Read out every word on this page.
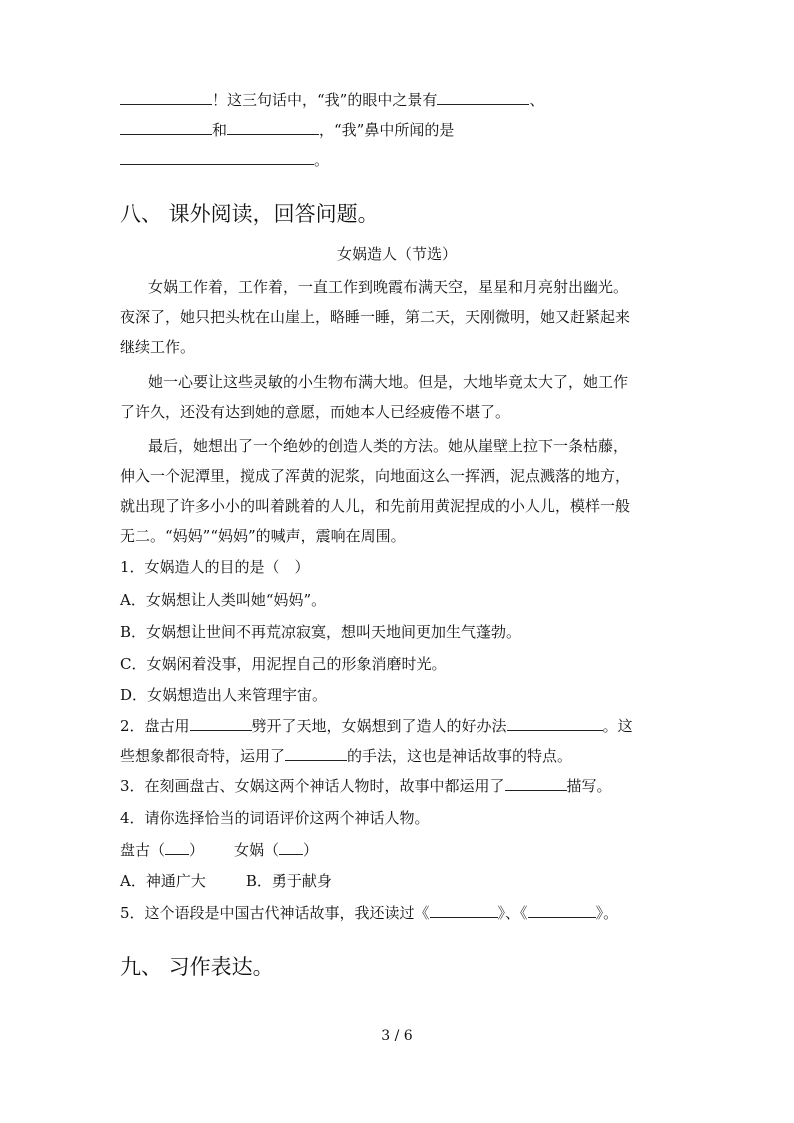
！这三句话中，“我”的眼中之景有	、
和	，“我”鼻中所闻的是
。
八、 课外阅读，回答问题。
女娲造人（节选）
女娲工作着，工作着，一直工作到晚霞布满天空，星星和月亮射出幽光。
夜深了，她只把头枕在山崖上，略睡一睡，第二天，天刚微明，她又赶紧起来
继续工作。
她一心要让这些灵敏的小生物布满大地。但是，大地毕竟太大了，她工作
了许久，还没有达到她的意愿，而她本人已经疲倦不堪了。
最后，她想出了一个绝妙的创造人类的方法。她从崖壁上拉下一条枯藤，
伸入一个泥潭里，搅成了浑黄的泥浆，向地面这么一挥洒，泥点溅落的地方，
就出现了许多小小的叫着跳着的人儿，和先前用黄泥捏成的小人儿，模样一般
无二。“妈妈”“妈妈”的喊声，震响在周围。
1．女娲造人的目的是（　）
A．女娲想让人类叫她“妈妈”。
B．女娲想让世间不再荒凉寂寞，想叫天地间更加生气蓬勃。
C．女娲闲着没事，用泥捏自己的形象消磨时光。
D．女娲想造出人来管理宇宙。
2．盘古用	劈开了天地，女娲想到了造人的好办法	。这
些想象都很奇特，运用了	的手法，这也是神话故事的特点。
3．在刻画盘古、女娲这两个神话人物时，故事中都运用了	描写。
4．请你选择恰当的词语评价这两个神话人物。
盘古（ ） 女娲（ ）
A．神通广大	B．勇于献身
5．这个语段是中国古代神话故事，我还读过《	》、《	》。
九、 习作表达。
3 / 6
